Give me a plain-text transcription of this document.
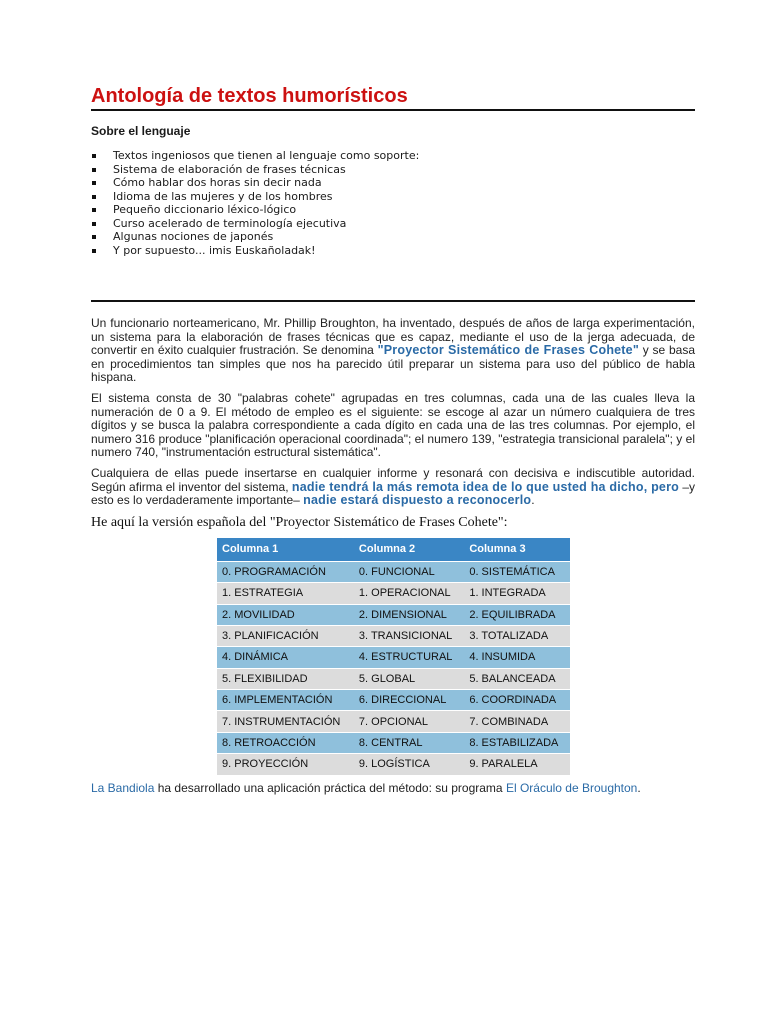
Antología de textos humorísticos
Sobre el lenguaje
Textos ingeniosos que tienen al lenguaje como soporte:
Sistema de elaboración de frases técnicas
Cómo hablar dos horas sin decir nada
Idioma de las mujeres y de los hombres
Pequeño diccionario léxico-lógico
Curso acelerado de terminología ejecutiva
Algunas nociones de japonés
Y por supuesto... imis Euskañoladak!

Un funcionario norteamericano, Mr. Phillip Broughton, ha inventado, después de años de larga experimentación, un sistema para la elaboración de frases técnicas que es capaz, mediante el uso de la jerga adecuada, de convertir en éxito cualquier frustración. Se denomina "Proyector Sistemático de Frases Cohete" y se basa en procedimientos tan simples que nos ha parecido útil preparar un sistema para uso del público de habla hispana.

El sistema consta de 30 "palabras cohete" agrupadas en tres columnas, cada una de las cuales lleva la numeración de 0 a 9. El método de empleo es el siguiente: se escoge al azar un número cualquiera de tres dígitos y se busca la palabra correspondiente a cada dígito en cada una de las tres columnas. Por ejemplo, el numero 316 produce "planificación operacional coordinada"; el numero 139, "estrategia transicional paralela"; y el numero 740, "instrumentación estructural sistemática".

Cualquiera de ellas puede insertarse en cualquier informe y resonará con decisiva e indiscutible autoridad. Según afirma el inventor del sistema, nadie tendrá la más remota idea de lo que usted ha dicho, pero –y esto es lo verdaderamente importante– nadie estará dispuesto a reconocerlo.

He aquí la versión española del "Proyector Sistemático de Frases Cohete":

Columna 1	Columna 2	Columna 3
0. PROGRAMACIÓN	0. FUNCIONAL	0. SISTEMÁTICA
1. ESTRATEGIA	1. OPERACIONAL	1. INTEGRADA
2. MOVILIDAD	2. DIMENSIONAL	2. EQUILIBRADA
3. PLANIFICACIÓN	3. TRANSICIONAL	3. TOTALIZADA
4. DINÁMICA	4. ESTRUCTURAL	4. INSUMIDA
5. FLEXIBILIDAD	5. GLOBAL	5. BALANCEADA
6. IMPLEMENTACIÓN	6. DIRECCIONAL	6. COORDINADA
7. INSTRUMENTACIÓN	7. OPCIONAL	7. COMBINADA
8. RETROACCIÓN	8. CENTRAL	8. ESTABILIZADA
9. PROYECCIÓN	9. LOGÍSTICA	9. PARALELA

La Bandiola ha desarrollado una aplicación práctica del método: su programa El Oráculo de Broughton.
